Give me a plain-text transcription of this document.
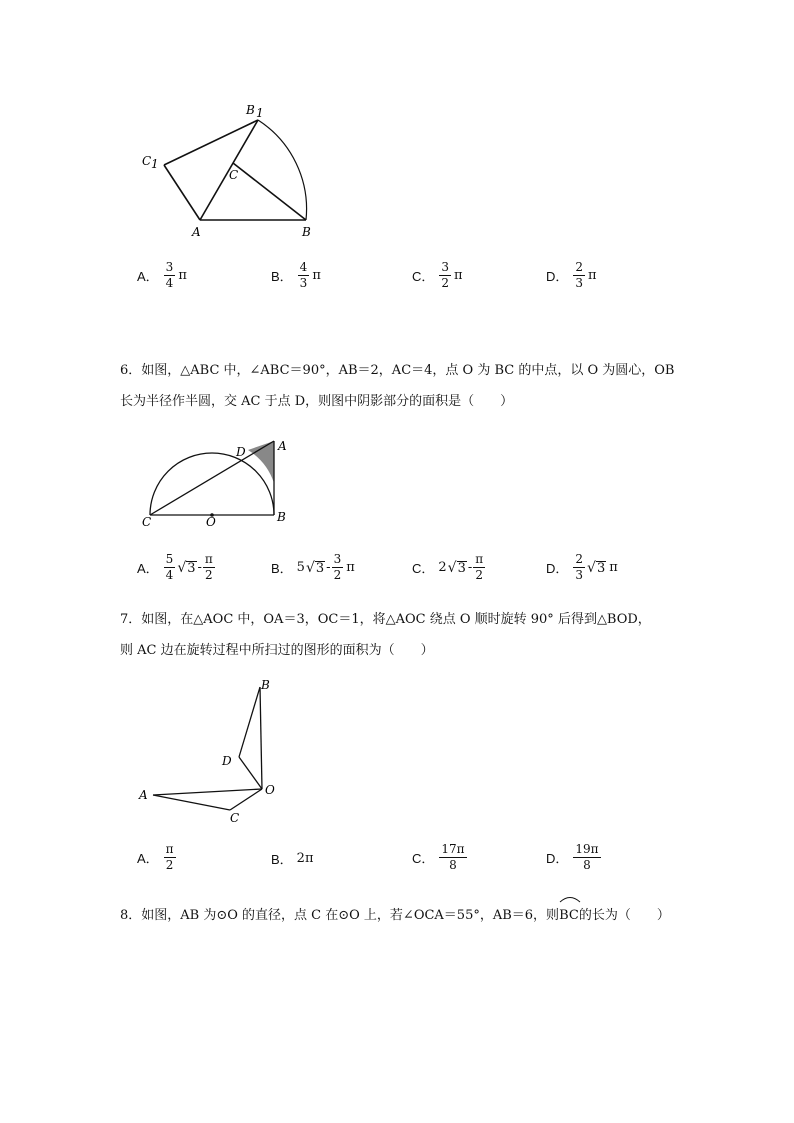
B 1
C 1
C
A	B
A． $\frac{3}{4}$ π	B． $\frac{4}{3}$ π	C． $\frac{3}{2}$ π	D． $\frac{2}{3}$ π
6．如图，△ABC 中，∠ABC＝90°，AB＝2，AC＝4，点 O 为 BC 的中点，以 O 为圆心，OB
长为半径作半圆，交 AC 于点 D，则图中阴影部分的面积是（　　）
D	A
C	O	B
A． $\frac{5}{4}$ √ $3 - \frac{\pi}{2}$	B． 5 √ $3 - \frac{3}{2}$ π	C． 2 √ $3 - \frac{\pi}{2}$	D． $\frac{2}{3}$ √ 3 π
7．如图，在△AOC 中，OA＝3，OC＝1，将△AOC 绕点 O 顺时旋转 90° 后得到△BOD，
则 AC 边在旋转过程中所扫过的图形的面积为（　　）
B
D
A	O
C
A． $\frac{\pi}{2}$	B． 2π	C． $\frac{17\pi}{8}$	D． $\frac{19\pi}{8}$
8．如图，AB 为⊙O 的直径，点 C 在⊙O 上，若∠OCA＝55°，AB＝6，则
BC的长为（　　）
